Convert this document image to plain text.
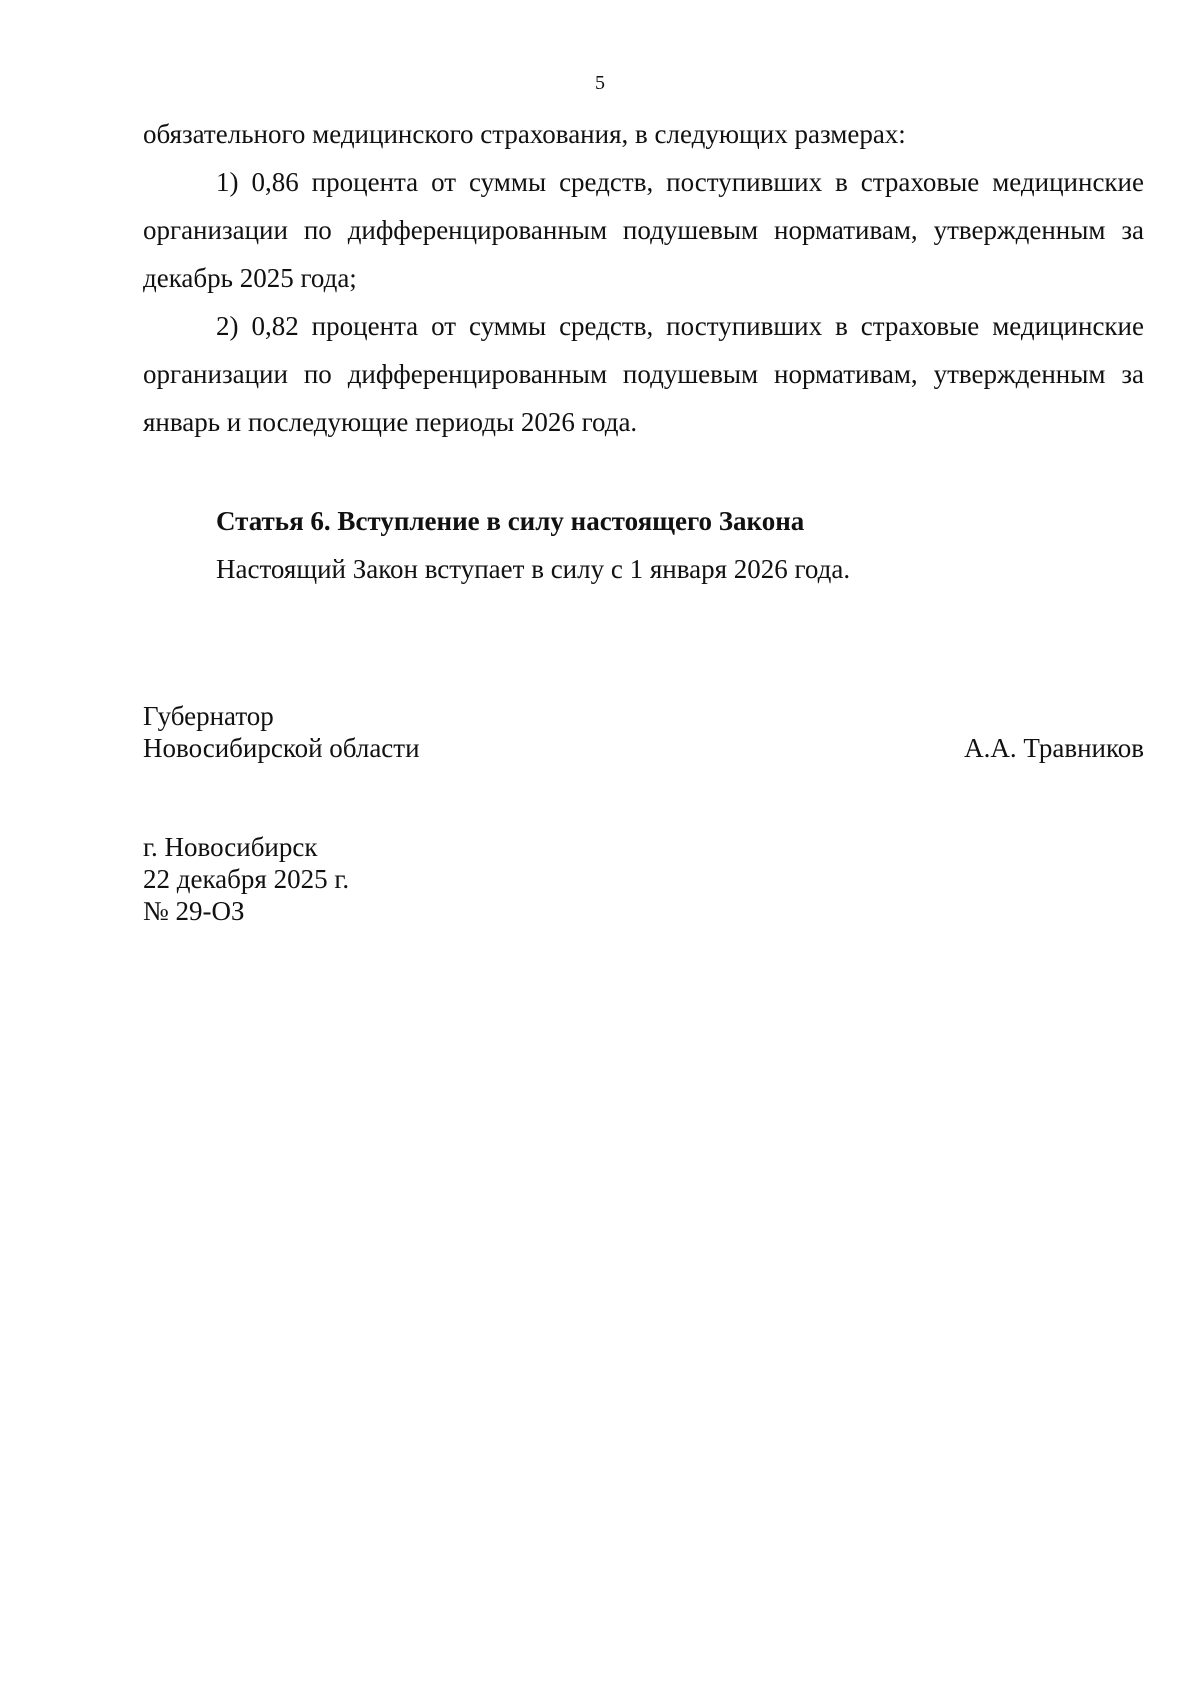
5

обязательного медицинского страхования, в следующих размерах:

1) 0,86 процента от суммы средств, поступивших в страховые медицинские организации по дифференцированным подушевым нормативам, утвержденным за декабрь 2025 года;

2) 0,82 процента от суммы средств, поступивших в страховые медицинские организации по дифференцированным подушевым нормативам, утвержденным за январь и последующие периоды 2026 года.

Статья 6. Вступление в силу настоящего Закона

Настоящий Закон вступает в силу с 1 января 2026 года.

Губернатор
Новосибирской области	А.А. Травников
г. Новосибирск
22 декабря 2025 г.
№ 29-ОЗ
